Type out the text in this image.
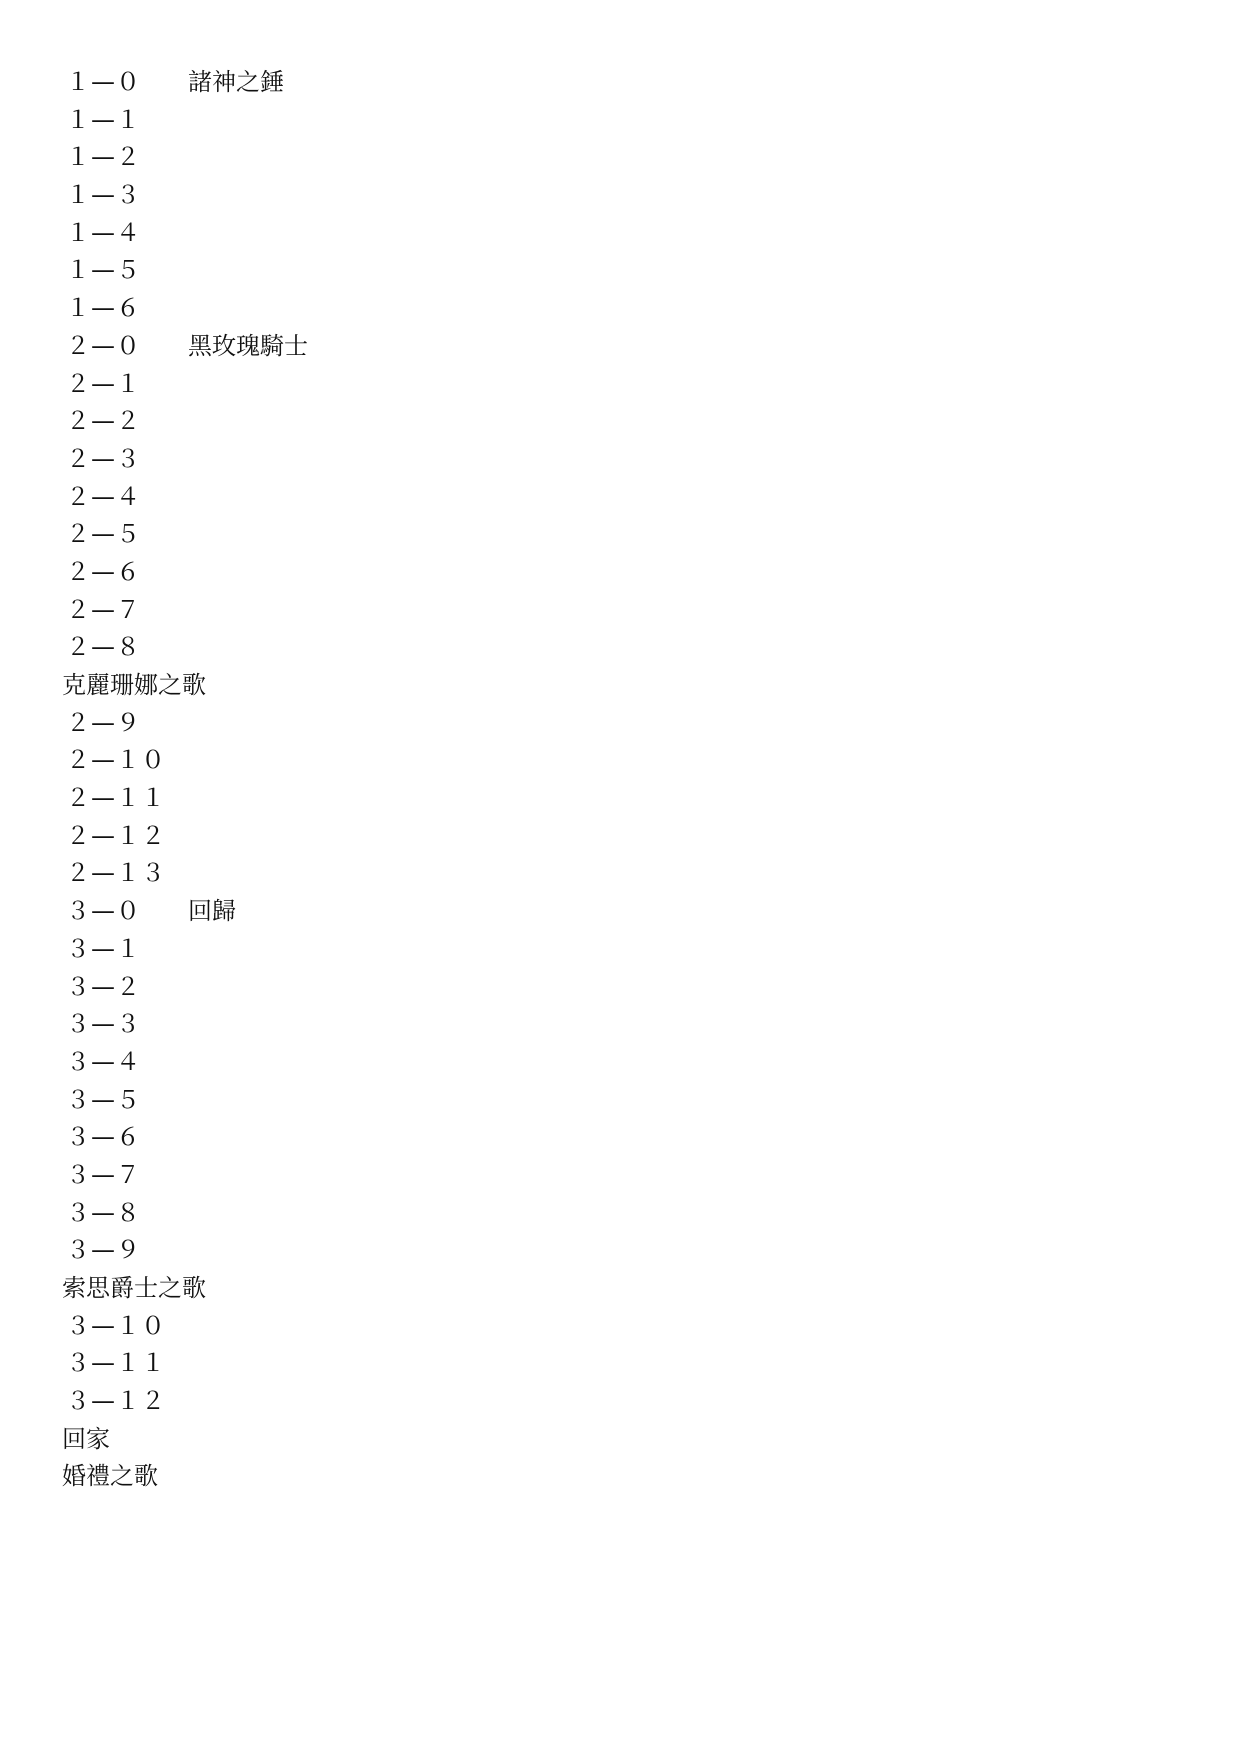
１—０	諸神之錘
１—１
１—２
１—３
１—４
１—５
１—６
２—０	黑玫瑰騎士
２—１
２—２
２—３
２—４
２—５
２—６
２—７
２—８
克麗珊娜之歌
２—９
２—１０
２—１１
２—１２
２—１３
３—０	回歸
３—１
３—２
３—３
３—４
３—５
３—６
３—７
３—８
３—９
索思爵士之歌
３—１０
３—１１
３—１２
回家
婚禮之歌
